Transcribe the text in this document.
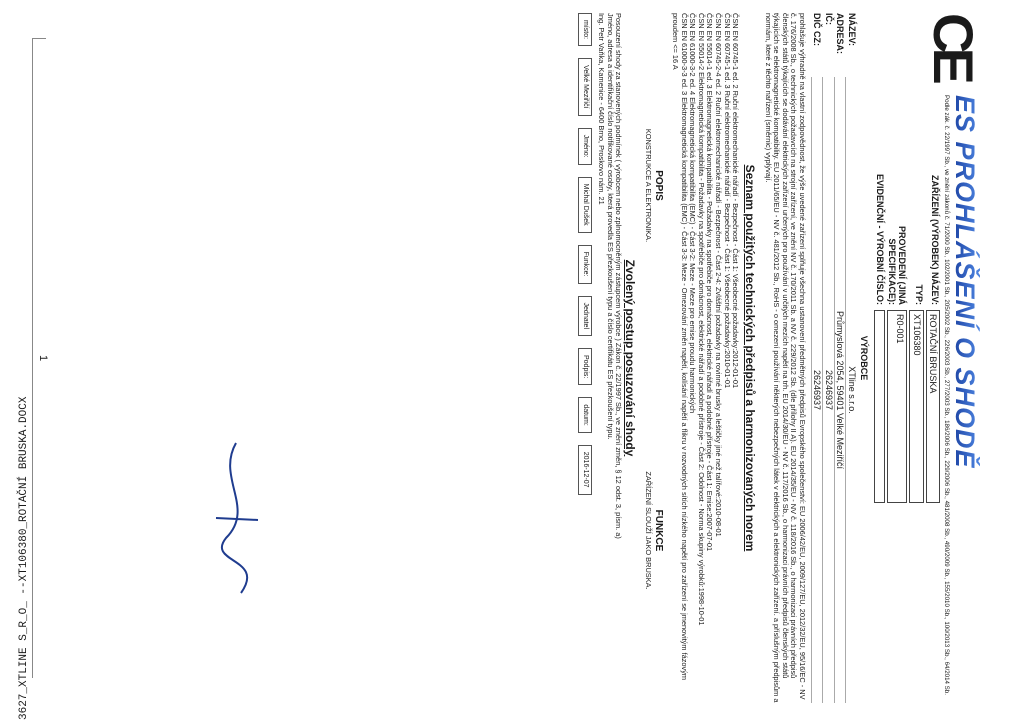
3627_XTLINE S_R_O_ --XT106380_ROTAČNÍ BRUSKA.DOCX
1
CE
ES PROHLÁŠENÍ O SHODĚ
Podle zák. č. 22/1997 Sb., ve znění zákonů č. 71/2000 Sb., 102/2001 Sb., 205/2002 Sb., 226/2003 Sb., 277/2003 Sb., 186/2006 Sb., 229/2006 Sb., 481/2008 Sb., 490/2009 Sb., 155/2010 Sb., 100/2013 Sb., 64/2014 Sb.
ZAŘÍZENÍ (VÝROBEK) NÁZEV:
ROTAČNÍ BRUSKA
TYP:
XT106380
PROVEDENÍ (JINÁ SPECIFIKACE):
R0-001
EVIDENČNÍ - VÝROBNÍ ČÍSLO:
VÝROBCE
NÁZEV:
XTline s.r.o.
ADRESA:
Průmyslová 2054, 59401 Velké Meziříčí
IČ:
26246937
DIČ CZ:
26246937
prohlašuje výhradně na vlastní zodpovědnost, že výše uvedené zařízení splňuje všechna ustanovení předmětných předpisů Evropského společenství: EU 2006/42/EU, 2009/127/EU, 2012/32/EU, 95/16/EC - NV č. 176/2008 Sb., o technických požadavcích na strojní zařízení, ve znění NV č. 170/2011 Sb. a NV č. 229/2012 Sb. (dle přílohy II A). EU 2014/35/EU - NV č. 118/2016 Sb., o harmonizaci právních předpisů členských států týkajících se dodávání elektrických zařízení určených pro používání v určitých mezích napětí na trh. EU 2014/30/EU - NV č. 117/2016 Sb., o harmonizaci právních předpisů členských států týkajících se elektromagnetické kompatibility. EU 2011/65/EU - NV č. 481/2012 Sb., RoHS - o omezení používání některých nebezpečných látek v elektrických a elektronických zařízení. a příslušným předpisům a normám, které z těchto nařízení (směrnic) vyplývají.
Seznam použitých technických předpisů a harmonizovaných norem
ČSN EN 60745-1 ed. 2 Ruční elektromechanické nářadí - Bezpečnost - Část 1: Všeobecné požadavky:2012-01-01
ČSN EN 60745-1 ed. 3 Ruční elektromechanické nářadí - Bezpečnost - Část 1: Všeobecné požadavky:2010-01-01
ČSN EN 60745-2-4 ed. 2 Ruční elektromechanické nářadí - Bezpečnost - Část 2-4: Zvláštní požadavky na rovinné brusky a leštičky jiné než talířové:2010-08-01
ČSN EN 55014-1 ed. 3 Elektromagnetická kompatibilita - Požadavky na spotřebiče pro domácnost, elektrické nářadí a podobné přístroje - Část 1: Emise:2007-07-01
ČSN EN 55014-2 Elektromagnetická kompatibilita - Požadavky na spotřebiče pro domácnost, elektrické nářadí a podobné přístroje - Část 2: Odolnost - Norma skupiny výrobků:1998-10-01
ČSN EN 61000-3-2 ed. 4 Elektromagnetická kompatibilita (EMC) - Část 3-2: Meze - Meze pro emise proudu harmonických
ČSN EN 61000-3-3 ed. 3 Elektromagnetická kompatibilita (EMC) - Část 3-3: Meze - Omezování změn napětí, kolísání napětí a flikru v rozvodných sítích nízkého napětí pro zařízení se jmenovitým fázovým proudem <= 16 A
POPIS
FUNKCE
KONSTRUKCE A ELEKTRONIKA.
ZAŘÍZENÍ SLOUŽÍ JAKO BRUSKA.
Zvolený postup posuzování shody
Posouzení shody za stanovených podmínek ( výrobcem nebo zplnomocněným zástupcem výrobce ) Zákon č. 22/1997 Sb., ve znění změn, § 12 odst. 3, písm. a)
Jméno, adresa a identifikační číslo notifikované osoby, která provedla ES přezkoušení typu a číslo certifikátu ES přezkoušení typu.
Ing. Petr Vaňka, Kamenice - 6400 Brno, Proskovo nám. 21
místo:
Velké Meziříčí
Jméno:
Michal Dušek
Funkce:
Jednatel
Podpis:
datum:
2016-12-07
